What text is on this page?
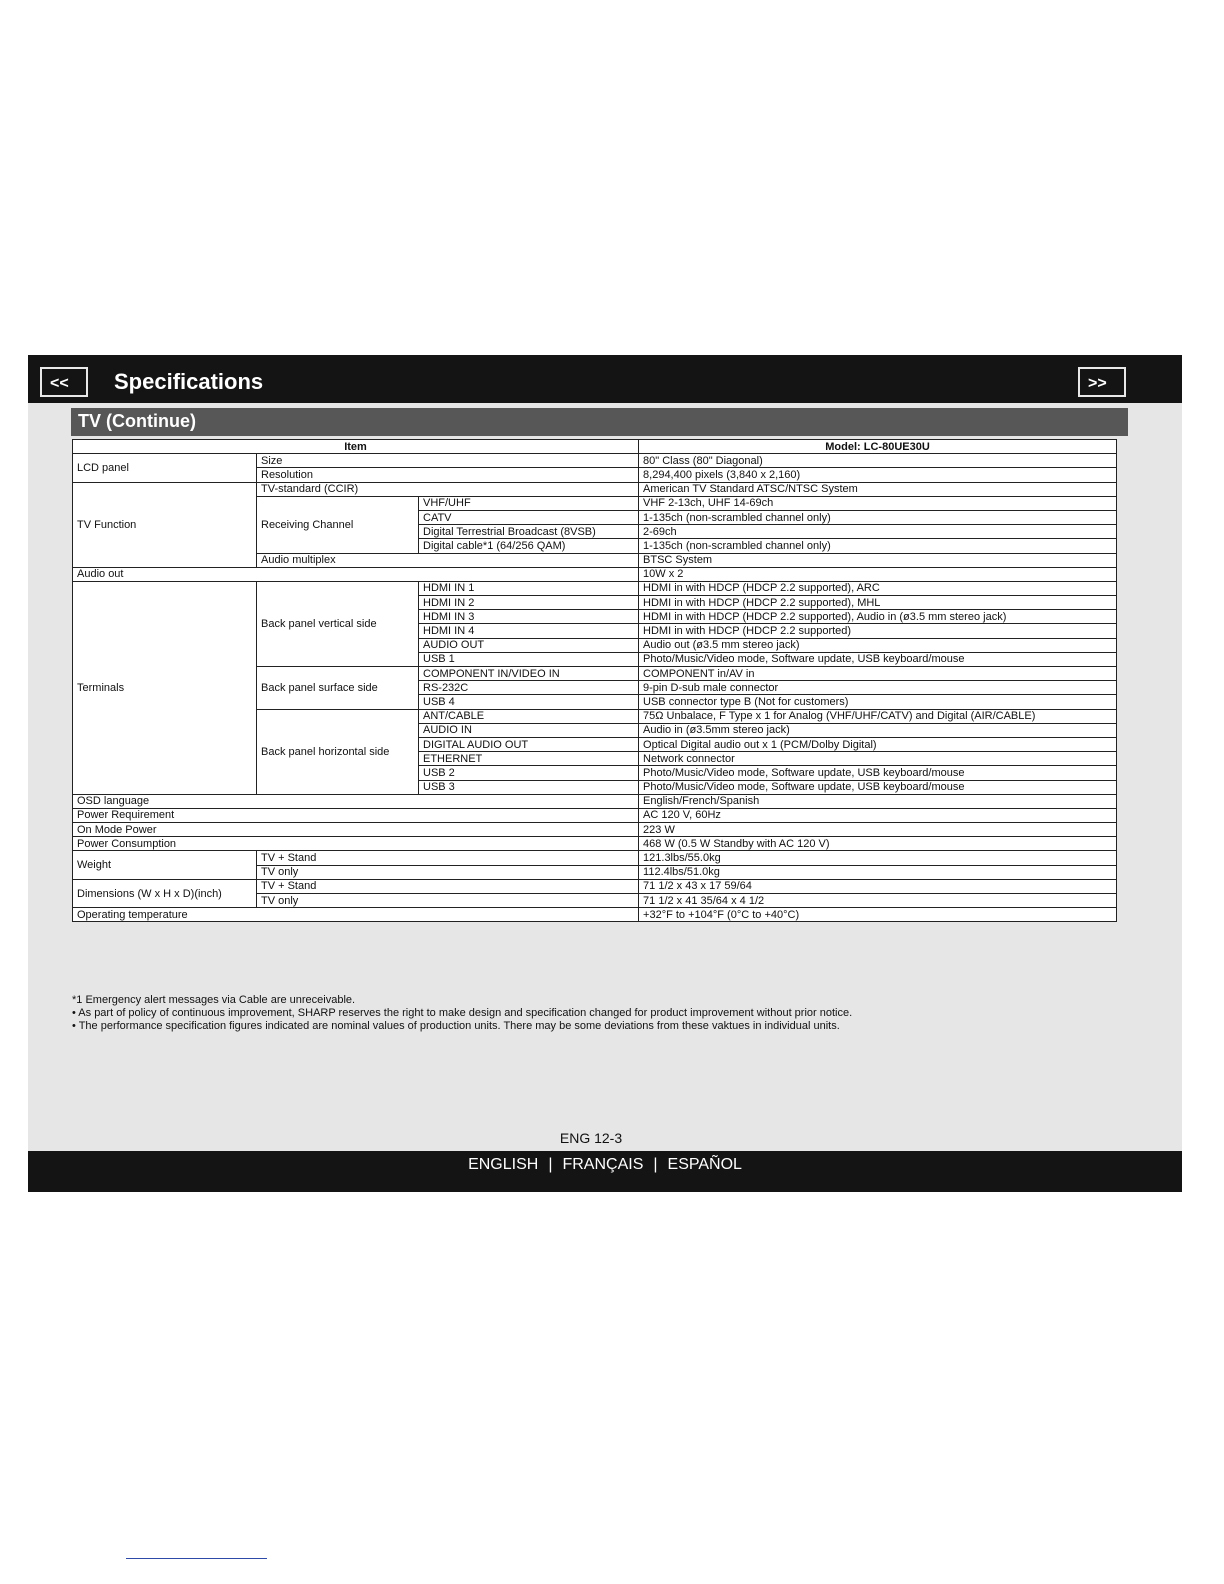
<<	Specifications	>>
TV (Continue)
Item			Model: LC-80UE30U
LCD panel	Size		80" Class (80" Diagonal)
	Resolution		8,294,400 pixels (3,840 x 2,160)
TV Function	TV-standard (CCIR)		American TV Standard ATSC/NTSC System
	Receiving Channel	VHF/UHF	VHF 2-13ch, UHF 14-69ch
		CATV	1-135ch (non-scrambled channel only)
		Digital Terrestrial Broadcast (8VSB)	2-69ch
		Digital cable*1 (64/256 QAM)	1-135ch (non-scrambled channel only)
	Audio multiplex		BTSC System
Audio out			10W x 2
Terminals	Back panel vertical side	HDMI IN 1	HDMI in with HDCP (HDCP 2.2 supported), ARC
		HDMI IN 2	HDMI in with HDCP (HDCP 2.2 supported), MHL
		HDMI IN 3	HDMI in with HDCP (HDCP 2.2 supported), Audio in (ø3.5 mm stereo jack)
		HDMI IN 4	HDMI in with HDCP (HDCP 2.2 supported)
		AUDIO OUT	Audio out (ø3.5 mm stereo jack)
		USB 1	Photo/Music/Video mode, Software update, USB keyboard/mouse
	Back panel surface side	COMPONENT IN/VIDEO IN	COMPONENT in/AV in
		RS-232C	9-pin D-sub male connector
		USB 4	USB connector type B (Not for customers)
	Back panel horizontal side	ANT/CABLE	75Ω Unbalace, F Type x 1 for Analog (VHF/UHF/CATV) and Digital (AIR/CABLE)
		AUDIO IN	Audio in (ø3.5mm stereo jack)
		DIGITAL AUDIO OUT	Optical Digital audio out x 1 (PCM/Dolby Digital)
		ETHERNET	Network connector
		USB 2	Photo/Music/Video mode, Software update, USB keyboard/mouse
		USB 3	Photo/Music/Video mode, Software update, USB keyboard/mouse
OSD language			English/French/Spanish
Power Requirement			AC 120 V, 60Hz
On Mode Power			223 W
Power Consumption			468 W (0.5 W Standby with AC 120 V)
Weight	TV + Stand		121.3lbs/55.0kg
	TV only		112.4lbs/51.0kg
Dimensions (W x H x D)(inch)	TV + Stand		71 1/2 x 43 x 17 59/64
	TV only		71 1/2 x 41 35/64 x 4 1/2
Operating temperature			+32°F to +104°F (0°C to +40°C)
*1 Emergency alert messages via Cable are unreceivable.
• As part of policy of continuous improvement, SHARP reserves the right to make design and specification changed for product improvement without prior notice.
• The performance specification figures indicated are nominal values of production units. There may be some deviations from these vaktues in individual units.
ENG 12-3
ENGLISH | FRANÇAIS | ESPAÑOL
